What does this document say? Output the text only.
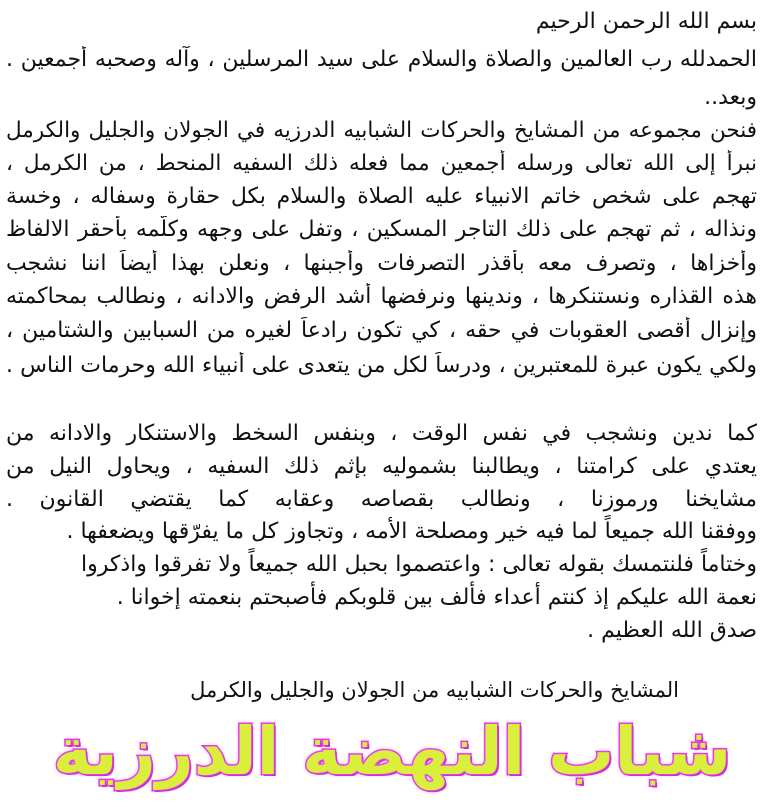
بسم الله الرحمن الرحيم
الحمدلله رب العالمين والصلاة والسلام على سيد المرسلين ، وآله وصحبه أجمعين .
وبعد..
فنحن مجموعه من المشايخ والحركات الشبابيه الدرزيه في الجولان والجليل والكرمل
نبرأ إلى الله تعالى ورسله أجمعين مما فعله ذلك السفيه المنحط ، من الكرمل ،
تهجم على شخص خاتم الانبياء عليه الصلاة والسلام بكل حقارة وسفاله ، وخسة
ونذاله ، ثم تهجم على ذلك التاجر المسكين ، وتفل على وجهه وكلّمه بأحقر الالفاظ
وأخزاها ، وتصرف معه بأقذر التصرفات وأجبنها ، ونعلن بهذا أيضاً اننا نشجب
هذه القذاره ونستنكرها ، وندينها ونرفضها أشد الرفض والادانه ، ونطالب بمحاكمته
وإنزال أقصى العقوبات في حقه ، كي تكون رادعاً لغيره من السبابين والشتامين ،
ولكي يكون عبرة للمعتبرين ، ودرساً لكل من يتعدى على أنبياء الله وحرمات الناس .
كما ندين ونشجب في نفس الوقت ، وبنفس السخط والاستنكار والادانه من
يعتدي على كرامتنا ، ويطالبنا بشموليه بإثم ذلك السفيه ، ويحاول النيل من
مشايخنا ورموزنا ، ونطالب بقصاصه وعقابه كما يقتضي القانون .
ووفقنا الله جميعاً لما فيه خير ومصلحة الأمه ، وتجاوز كل ما يفرّقها ويضعفها .
وختاماً فلنتمسك بقوله تعالى : واعتصموا بحبل الله جميعاً ولا تفرقوا واذكروا
نعمة الله عليكم إذ كنتم أعداء فألف بين قلوبكم فأصبحتم بنعمته إخوانا .
صدق الله العظيم .
المشايخ والحركات الشبابيه من الجولان والجليل والكرمل
شباب النهضة الدرزية
